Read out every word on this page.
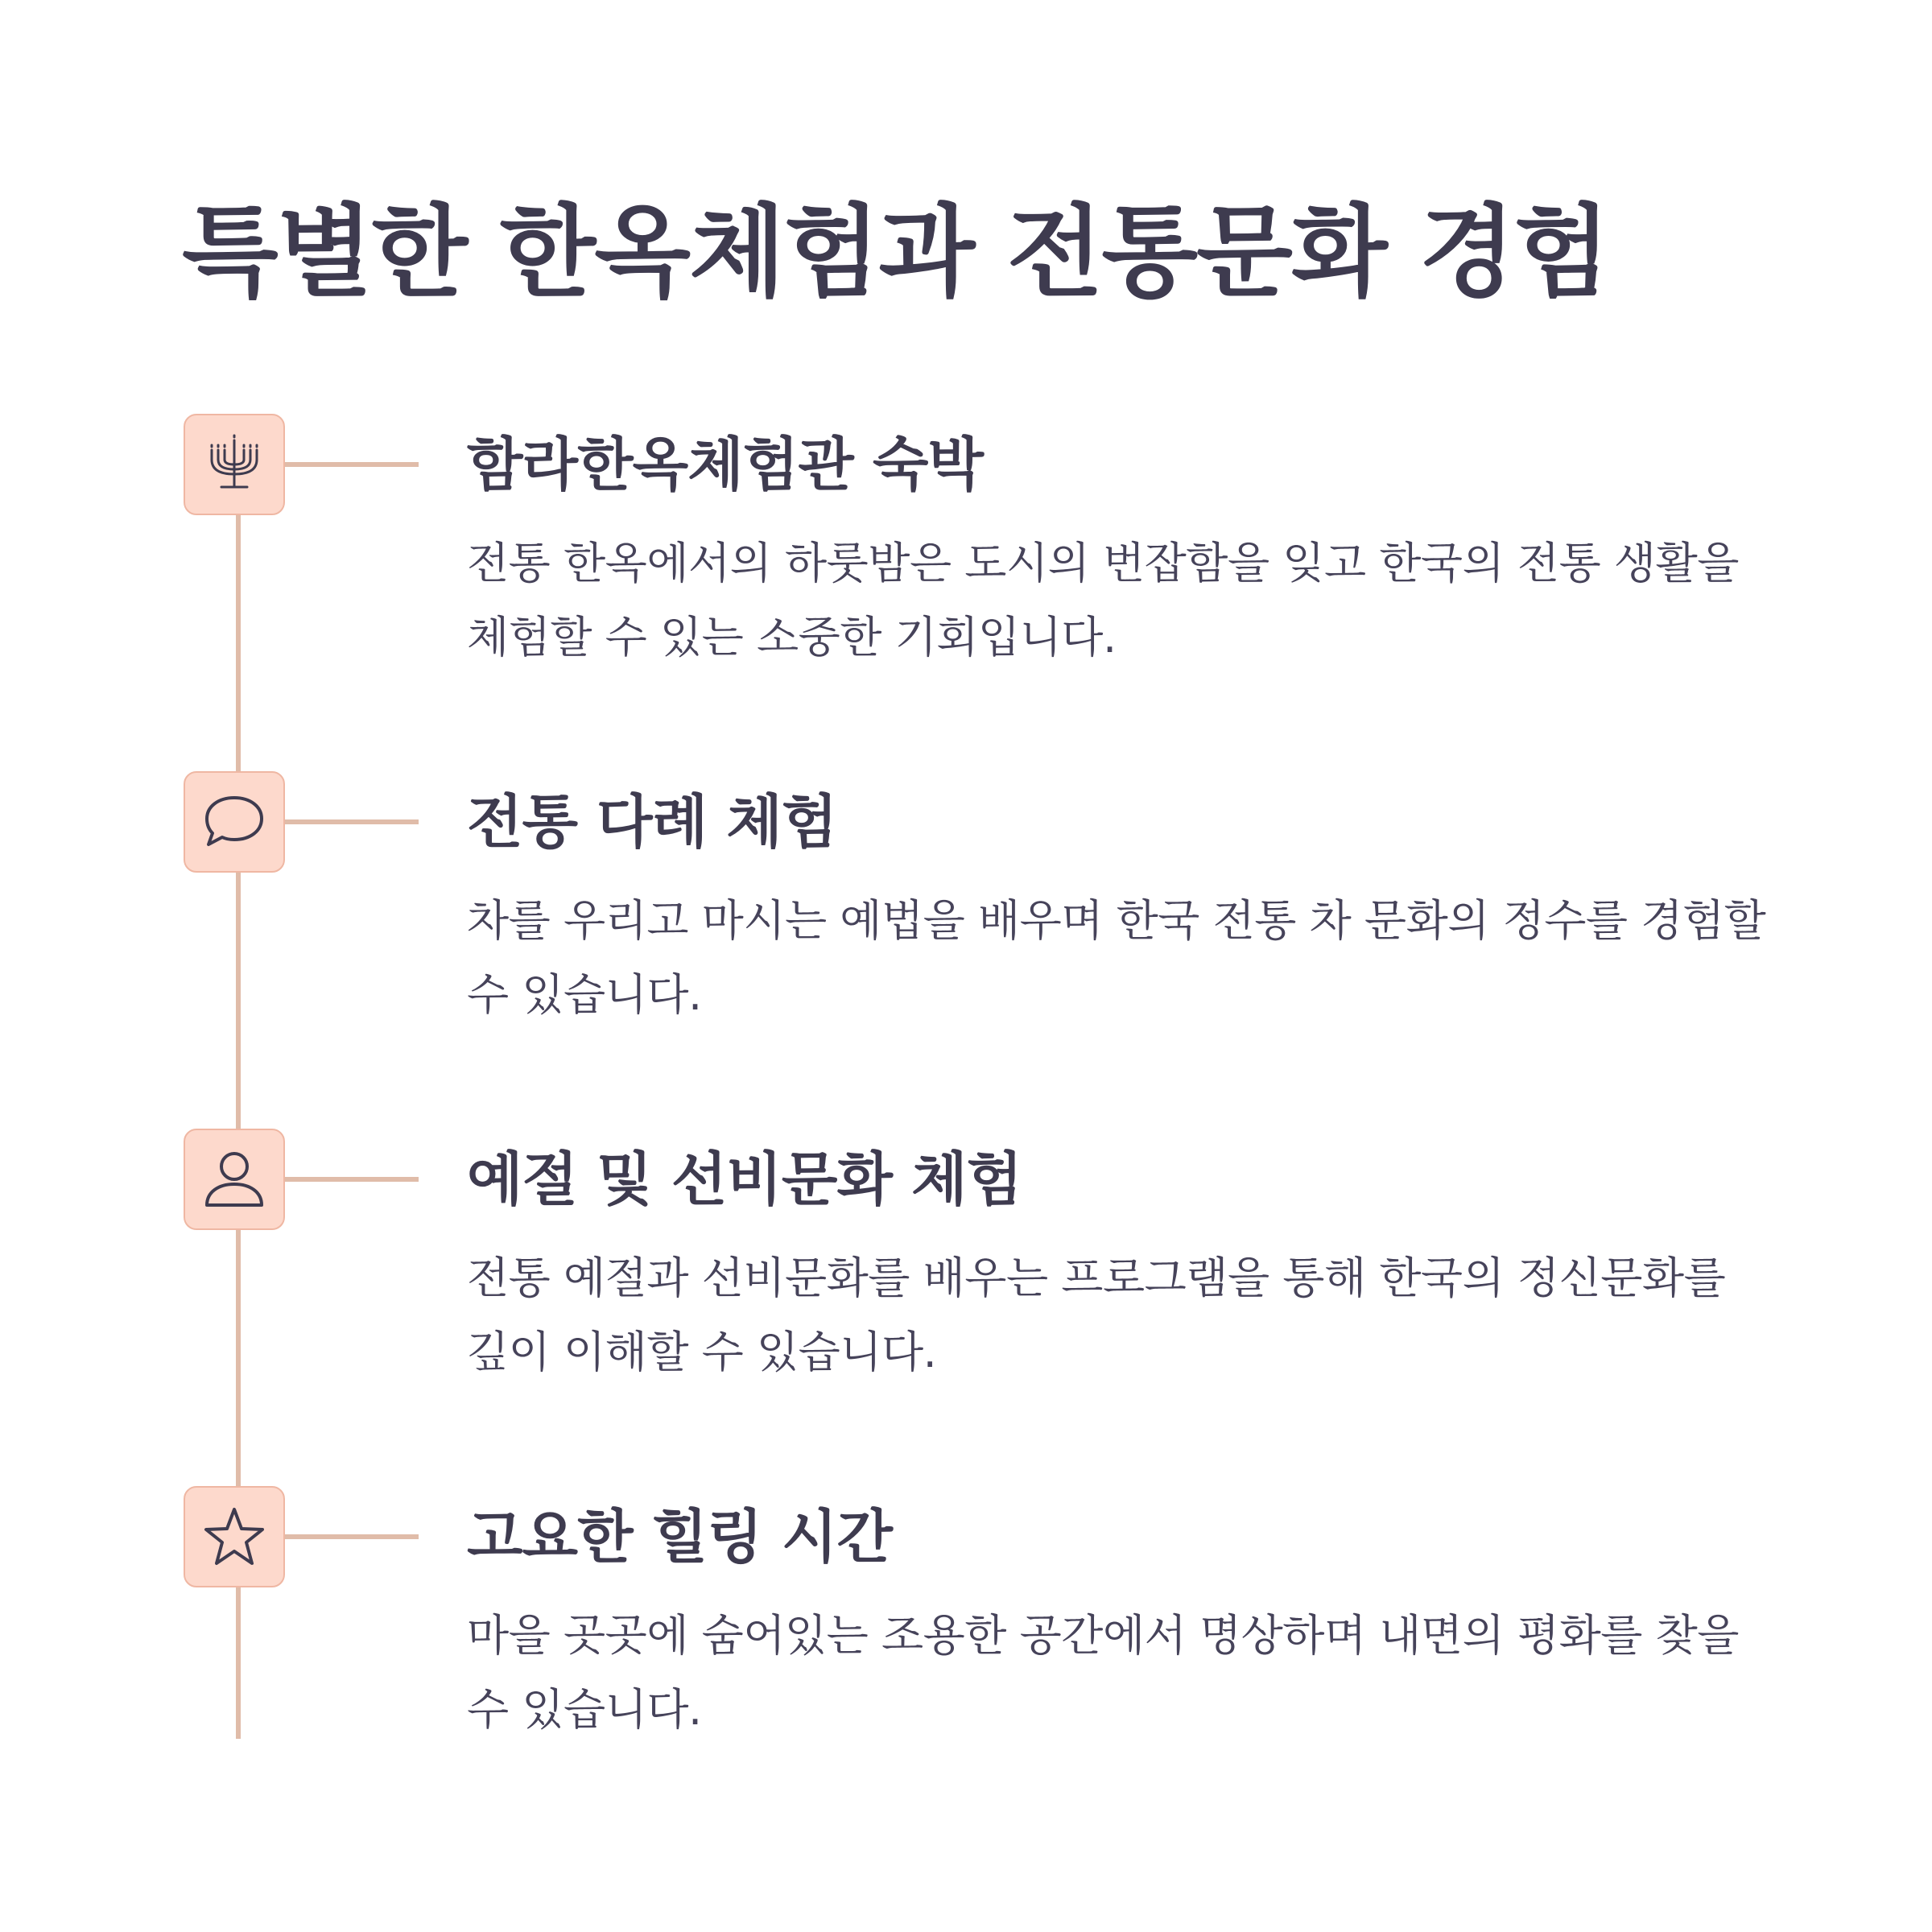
특별한 한옥체험과 전통문화 경험
함라한옥체험관 숙박

전통 한옥에서의 하룻밤은 도시의 번잡함을 잊고 한국의 전통 생활을 체험할 수 있는 소중한 기회입니다.

전통 다례 체험

차를 우리고 마시는 예법을 배우며 한국 전통 차 문화의 정수를 경험할 수 있습니다.

예절 및 선비문화 체험

전통 예절과 선비문화를 배우는 프로그램을 통해 한국의 정신문화를 깊이 이해할 수 있습니다.

고요한 힐링 시간

마을 곳곳에 숨어있는 조용한 공간에서 명상하며 내면의 평화를 찾을 수 있습니다.
